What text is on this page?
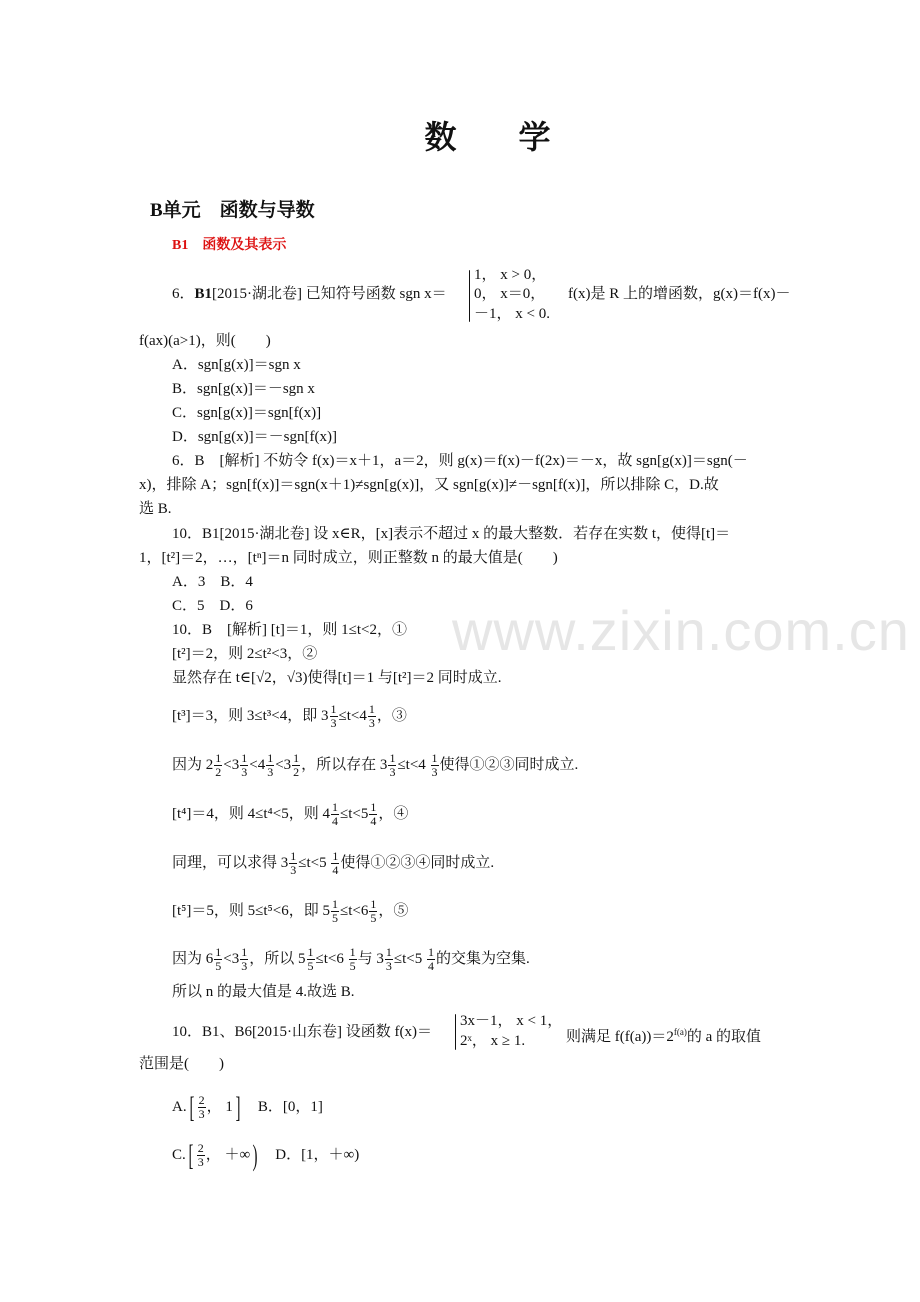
数 学
B单元　函数与导数
B1　函数及其表示
www.zixin.com.cn
6．B1[2015·湖北卷] 已知符号函数 sgn x＝
1， x > 0，
0， x＝0，
－1， x < 0.
f(x)是 R 上的增函数，g(x)＝f(x)－
f(ax)(a>1)，则(　　)
A．sgn[g(x)]＝sgn x
B．sgn[g(x)]＝－sgn x
C．sgn[g(x)]＝sgn[f(x)]
D．sgn[g(x)]＝－sgn[f(x)]
6．B　[解析] 不妨令 f(x)＝x＋1，a＝2，则 g(x)＝f(x)－f(2x)＝－x，故 sgn[g(x)]＝sgn(－
x)，排除 A；sgn[f(x)]＝sgn(x＋1)≠sgn[g(x)]，又 sgn[g(x)]≠－sgn[f(x)]，所以排除 C，D.故
选 B.
10．B1[2015·湖北卷] 设 x∈R，[x]表示不超过 x 的最大整数．若存在实数 t，使得[t]＝
1，[t²]＝2，…，[tⁿ]＝n 同时成立，则正整数 n 的最大值是(　　)
A．3　B．4
C．5　D．6
10．B　[解析] [t]＝1，则 1≤t<2，①
[t²]＝2，则 2≤t²<3，②
显然存在 t∈[√2，√3)使得[t]＝1 与[t²]＝2 同时成立.
[t³]＝3，则 3≤t³<4，即 $3 \frac{1}{3} \le t<4 \frac{1}{3}$ ，③
因为 $2 \frac{1}{2} <3 \frac{1}{3} <4 \frac{1}{3} <3 \frac{1}{2}$ ，所以存在 $3 \frac{1}{3} \le t<4 \frac{1}{3}$ 使得①②③同时成立.
[t⁴]＝4，则 4≤t⁴<5，则 $4 \frac{1}{4} \le t<5 \frac{1}{4}$ ，④
同理，可以求得 $3 \frac{1}{3} \le t<5 \frac{1}{4}$ 使得①②③④同时成立.
[t⁵]＝5，则 5≤t⁵<6，即 $5 \frac{1}{5} \le t<6 \frac{1}{5}$ ，⑤
因为 $6 \frac{1}{5} <3 \frac{1}{3}$ ，所以 $5 \frac{1}{5} \le t<6 \frac{1}{5}$ 与 $3 \frac{1}{3} \le t<5 \frac{1}{4}$ 的交集为空集.
所以 n 的最大值是 4.故选 B.
10．B1、B6[2015·山东卷] 设函数 f(x)＝
3x－1， x < 1，
2ˣ， x ≥ 1.	则满足 $f(f(a))=2^{f(a)}$的 a 的取值
范围是(　　)
$A.[ \frac{2}{3}$ ， 1]　 B．[0，1]
$C.[ \frac{2}{3}$ ， ＋∞)　 D．[1，＋∞)
